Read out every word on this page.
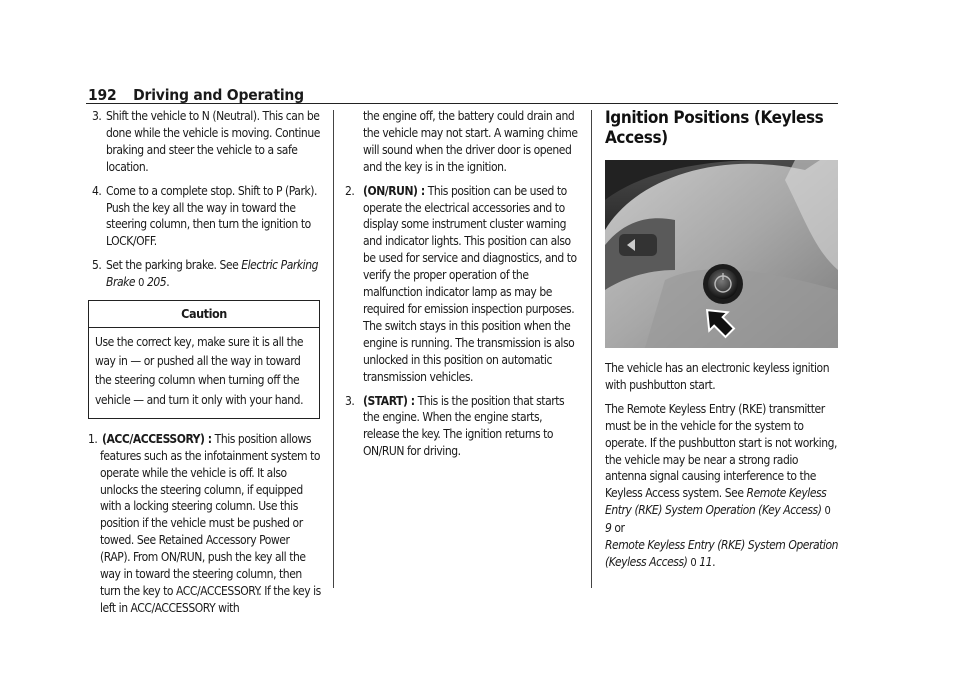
192 Driving and Operating
3. Shift the vehicle to N (Neutral). This can be done while the vehicle is moving. Continue braking and steer the vehicle to a safe location.
4. Come to a complete stop. Shift to P (Park). Push the key all the way in toward the steering column, then turn the ignition to LOCK/OFF.
5. Set the parking brake. See Electric Parking Brake 0 205.
Caution
Use the correct key, make sure it is all the way in — or pushed all the way in toward the steering column when turning off the vehicle — and turn it only with your hand.
1. (ACC/ACCESSORY) : This position allows features such as the infotainment system to operate while the vehicle is off. It also unlocks the steering column, if equipped with a locking steering column. Use this position if the vehicle must be pushed or towed. See Retained Accessory Power (RAP). From ON/RUN, push the key all the way in toward the steering column, then turn the key to ACC/ACCESSORY. If the key is left in ACC/ACCESSORY with

the engine off, the battery could drain and the vehicle may not start. A warning chime will sound when the driver door is opened and the key is in the ignition.

2. (ON/RUN) : This position can be used to operate the electrical accessories and to display some instrument cluster warning and indicator lights. This position can also be used for service and diagnostics, and to verify the proper operation of the malfunction indicator lamp as may be required for emission inspection purposes. The switch stays in this position when the engine is running. The transmission is also unlocked in this position on automatic transmission vehicles.
3. (START) : This is the position that starts the engine. When the engine starts, release the key. The ignition returns to ON/RUN for driving.
Ignition Positions (Keyless Access)

The vehicle has an electronic keyless ignition with pushbutton start.

The Remote Keyless Entry (RKE) transmitter must be in the vehicle for the system to operate. If the pushbutton start is not working, the vehicle may be near a strong radio antenna signal causing interference to the Keyless Access system. See Remote Keyless Entry (RKE) System Operation (Key Access) 0 9 or
Remote Keyless Entry (RKE) System Operation (Keyless Access) 0 11.
